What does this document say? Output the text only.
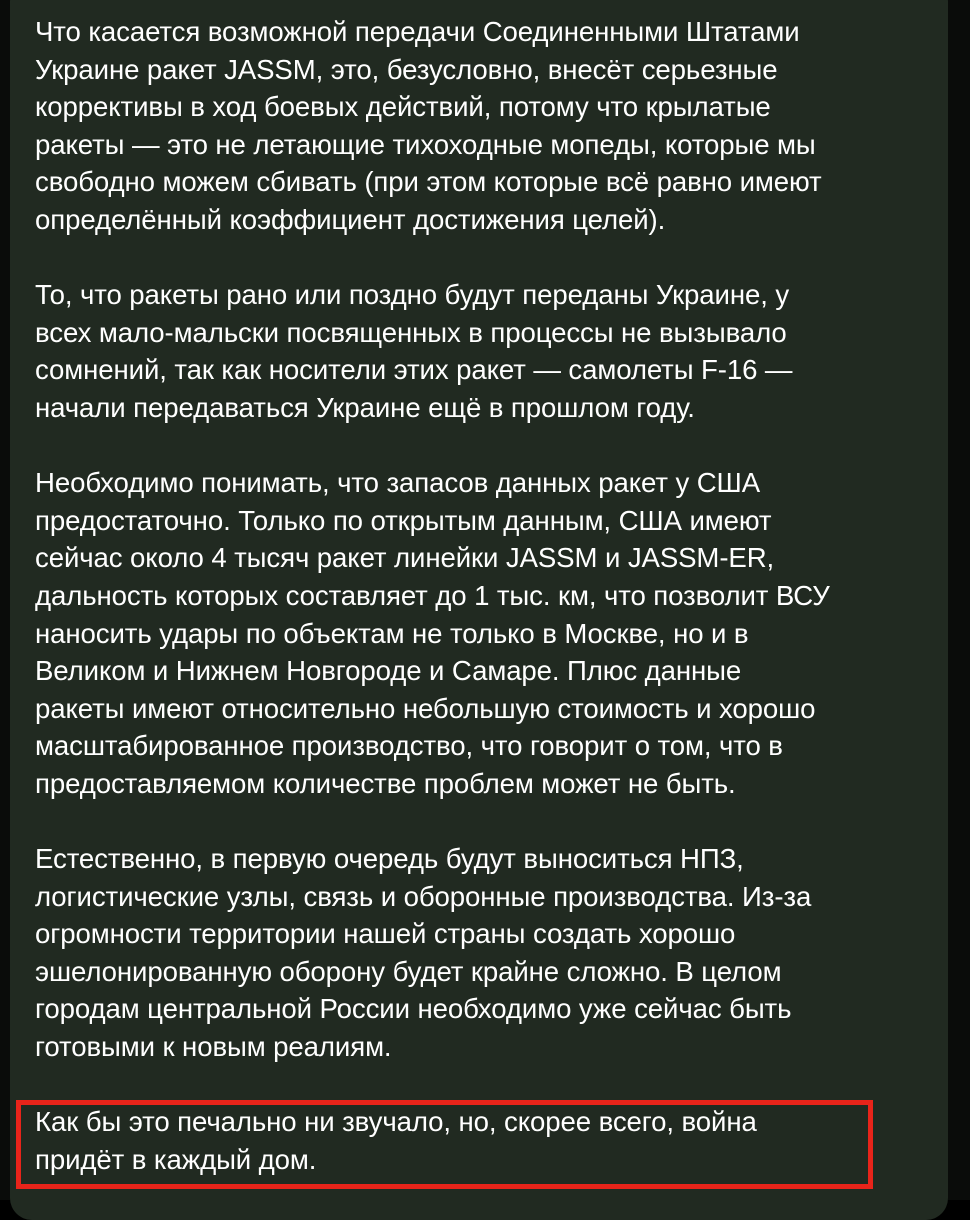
Что касается возможной передачи Соединенными Штатами
Украине ракет JASSM, это, безусловно, внесёт серьезные
коррективы в ход боевых действий, потому что крылатые
ракеты — это не летающие тихоходные мопеды, которые мы
свободно можем сбивать (при этом которые всё равно имеют
определённый коэффициент достижения целей).

То, что ракеты рано или поздно будут переданы Украине, у
всех мало-мальски посвященных в процессы не вызывало
сомнений, так как носители этих ракет — самолеты F-16 —
начали передаваться Украине ещё в прошлом году.

Необходимо понимать, что запасов данных ракет у США
предостаточно. Только по открытым данным, США имеют
сейчас около 4 тысяч ракет линейки JASSM и JASSM-ER,
дальность которых составляет до 1 тыс. км, что позволит ВСУ
наносить удары по объектам не только в Москве, но и в
Великом и Нижнем Новгороде и Самаре. Плюс данные
ракеты имеют относительно небольшую стоимость и хорошо
масштабированное производство, что говорит о том, что в
предоставляемом количестве проблем может не быть.

Естественно, в первую очередь будут выноситься НПЗ,
логистические узлы, связь и оборонные производства. Из-за
огромности территории нашей страны создать хорошо
эшелонированную оборону будет крайне сложно. В целом
городам центральной России необходимо уже сейчас быть
готовыми к новым реалиям.

Как бы это печально ни звучало, но, скорее всего, война
придёт в каждый дом.
